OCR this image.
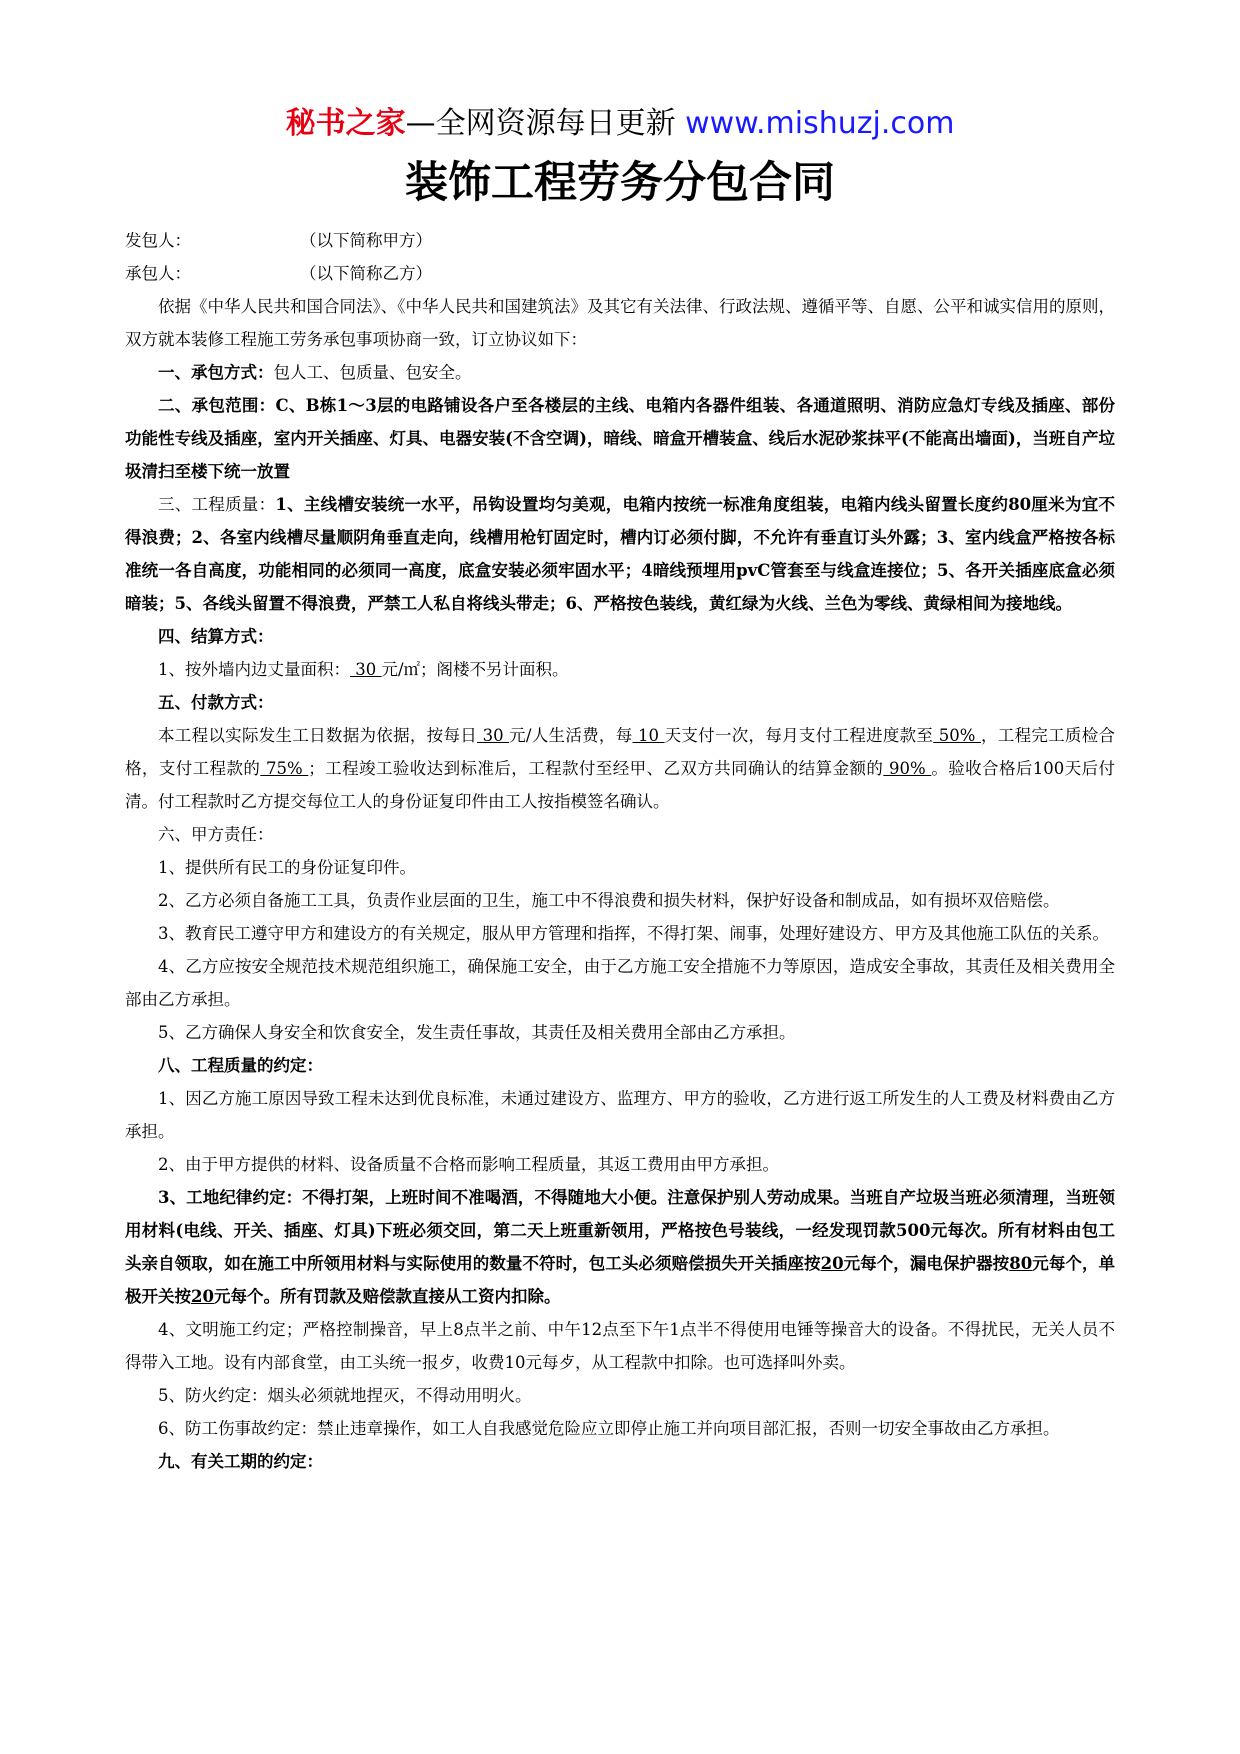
秘书之家—全网资源每日更新 www.mishuzj.com
装饰工程劳务分包合同

发包人：	（以下简称甲方）

承包人：	（以下简称乙方）

依据《中华人民共和国合同法》、《中华人民共和国建筑法》及其它有关法律、行政法规、遵循平等、自愿、公平和诚实信用的原则，双方就本装修工程施工劳务承包事项协商一致，订立协议如下：

一、承包方式：包人工、包质量、包安全。

二、承包范围：C、B栋1～3层的电路铺设各户至各楼层的主线、电箱内各器件组装、各通道照明、消防应急灯专线及插座、部份功能性专线及插座，室内开关插座、灯具、电器安装(不含空调)，暗线、暗盒开槽装盒、线后水泥砂浆抹平(不能高出墙面)，当班自产垃圾清扫至楼下统一放置

三、工程质量：1、主线槽安装统一水平，吊钩设置均匀美观，电箱内按统一标准角度组装，电箱内线头留置长度约80厘米为宜不得浪费；2、各室内线槽尽量顺阴角垂直走向，线槽用枪钉固定时，槽内订必须付脚，不允许有垂直订头外露；3、室内线盒严格按各标准统一各自高度，功能相同的必须同一高度，底盒安装必须牢固水平；4暗线预埋用pvC管套至与线盒连接位；5、各开关插座底盒必须暗装；5、各线头留置不得浪费，严禁工人私自将线头带走；6、严格按色装线，黄红绿为火线、兰色为零线、黄绿相间为接地线。

四、结算方式：

1、按外墙内边丈量面积： 30 元/㎡；阁楼不另计面积。

五、付款方式：

本工程以实际发生工日数据为依据，按每日 30 元/人生活费，每 10 天支付一次，每月支付工程进度款至 50% ，工程完工质检合格，支付工程款的 75% ；工程竣工验收达到标准后，工程款付至经甲、乙双方共同确认的结算金额的 90% 。验收合格后100天后付清。付工程款时乙方提交每位工人的身份证复印件由工人按指模签名确认。

六、甲方责任：

1、提供所有民工的身份证复印件。

2、乙方必须自备施工工具，负责作业层面的卫生，施工中不得浪费和损失材料，保护好设备和制成品，如有损坏双倍赔偿。

3、教育民工遵守甲方和建设方的有关规定，服从甲方管理和指挥，不得打架、闹事，处理好建设方、甲方及其他施工队伍的关系。

4、乙方应按安全规范技术规范组织施工，确保施工安全，由于乙方施工安全措施不力等原因，造成安全事故，其责任及相关费用全部由乙方承担。

5、乙方确保人身安全和饮食安全，发生责任事故，其责任及相关费用全部由乙方承担。

八、工程质量的约定：

1、因乙方施工原因导致工程未达到优良标准，未通过建设方、监理方、甲方的验收，乙方进行返工所发生的人工费及材料费由乙方承担。

2、由于甲方提供的材料、设备质量不合格而影响工程质量，其返工费用由甲方承担。

3、工地纪律约定：不得打架，上班时间不准喝酒，不得随地大小便。注意保护别人劳动成果。当班自产垃圾当班必须清理，当班领用材料(电线、开关、插座、灯具)下班必须交回，第二天上班重新领用，严格按色号装线，一经发现罚款500元每次。所有材料由包工头亲自领取，如在施工中所领用材料与实际使用的数量不符时，包工头必须赔偿损失开关插座按20元每个，漏电保护器按80元每个，单极开关按20元每个。所有罚款及赔偿款直接从工资内扣除。

4、文明施工约定；严格控制操音，早上8点半之前、中午12点至下午1点半不得使用电锤等操音大的设备。不得扰民，无关人员不得带入工地。设有内部食堂，由工头统一报歺，收费10元每歺，从工程款中扣除。也可选择叫外卖。

5、防火约定：烟头必须就地捏灭，不得动用明火。

6、防工伤事故约定：禁止违章操作，如工人自我感觉危险应立即停止施工并向项目部汇报，否则一切安全事故由乙方承担。

九、有关工期的约定：
